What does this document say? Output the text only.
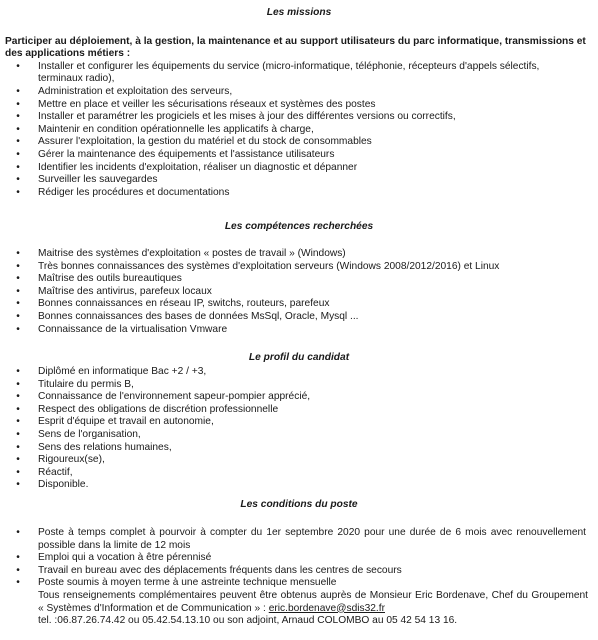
Les missions

Participer au déploiement, à la gestion, la maintenance et au support utilisateurs du parc informatique, transmissions et des applications métiers :

• Installer et configurer les équipements du service (micro-informatique, téléphonie, récepteurs d'appels sélectifs, terminaux radio),
• Administration et exploitation des serveurs,
• Mettre en place et veiller les sécurisations réseaux et systèmes des postes
• Installer et paramétrer les progiciels et les mises à jour des différentes versions ou correctifs,
• Maintenir en condition opérationnelle les applicatifs à charge,
• Assurer l'exploitation, la gestion du matériel et du stock de consommables
• Gérer la maintenance des équipements et l'assistance utilisateurs
• Identifier les incidents d'exploitation, réaliser un diagnostic et dépanner
• Surveiller les sauvegardes
• Rédiger les procédures et documentations

Les compétences recherchées

• Maitrise des systèmes d'exploitation « postes de travail » (Windows)
• Très bonnes connaissances des systèmes d'exploitation serveurs (Windows 2008/2012/2016) et Linux
• Maîtrise des outils bureautiques
• Maîtrise des antivirus, parefeux locaux
• Bonnes connaissances en réseau IP, switchs, routeurs, parefeux
• Bonnes connaissances des bases de données MsSql, Oracle, Mysql ...
• Connaissance de la virtualisation Vmware

Le profil du candidat

• Diplômé en informatique Bac +2 / +3,
• Titulaire du permis B,
• Connaissance de l'environnement sapeur-pompier apprécié,
• Respect des obligations de discrétion professionnelle
• Esprit d'équipe et travail en autonomie,
• Sens de l'organisation,
• Sens des relations humaines,
• Rigoureux(se),
• Réactif,
• Disponible.

Les conditions du poste

• Poste à temps complet à pourvoir à compter du 1er septembre 2020 pour une durée de 6 mois avec renouvellement possible dans la limite de 12 mois
• Emploi qui a vocation à être pérennisé
• Travail en bureau avec des déplacements fréquents dans les centres de secours
• Poste soumis à moyen terme à une astreinte technique mensuelle
Tous renseignements complémentaires peuvent être obtenus auprès de Monsieur Eric Bordenave, Chef du Groupement « Systèmes d'Information et de Communication » : eric.bordenave@sdis32.fr
tel. :06.87.26.74.42 ou 05.42.54.13.10 ou son adjoint, Arnaud COLOMBO au 05 42 54 13 16.
